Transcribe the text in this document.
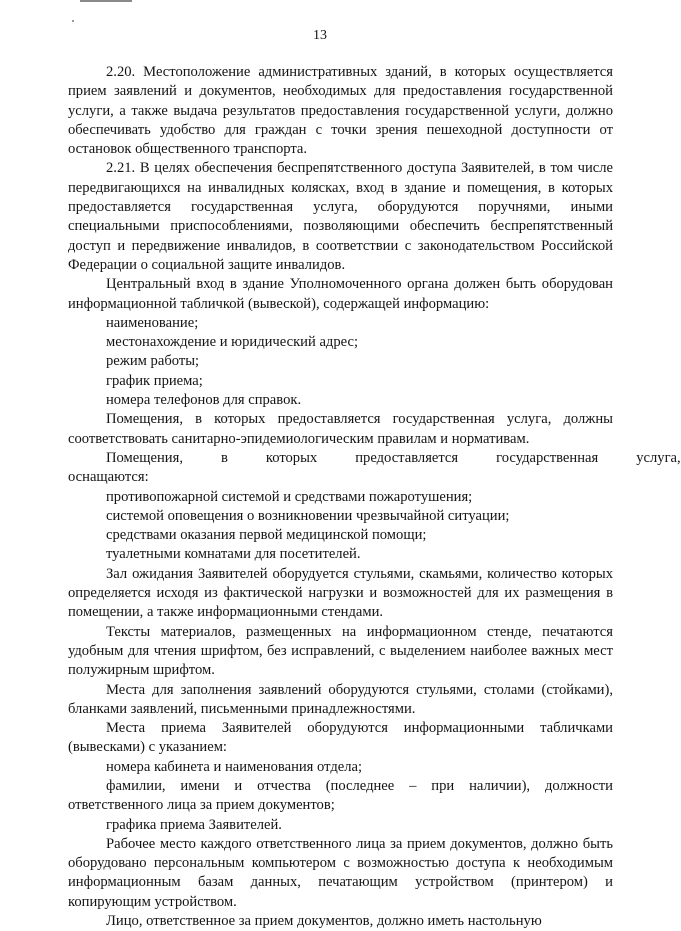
13

2.20. Местоположение административных зданий, в которых осуществляется прием заявлений и документов, необходимых для предоставления государственной услуги, а также выдача результатов предоставления государственной услуги, должно обеспечивать удобство для граждан с точки зрения пешеходной доступности от остановок общественного транспорта.

2.21. В целях обеспечения беспрепятственного доступа Заявителей, в том числе передвигающихся на инвалидных колясках, вход в здание и помещения, в которых предоставляется государственная услуга, оборудуются поручнями, иными специальными приспособлениями, позволяющими обеспечить беспрепятственный доступ и передвижение инвалидов, в соответствии с законодательством Российской Федерации о социальной защите инвалидов.

Центральный вход в здание Уполномоченного органа должен быть оборудован информационной табличкой (вывеской), содержащей информацию:

наименование;

местонахождение и юридический адрес;

режим работы;

график приема;

номера телефонов для справок.

Помещения, в которых предоставляется государственная услуга, должны соответствовать санитарно-эпидемиологическим правилам и нормативам.

Помещения,	в	которых	предоставляется	государственная	услуга,

оснащаются:

противопожарной системой и средствами пожаротушения;

системой оповещения о возникновении чрезвычайной ситуации;

средствами оказания первой медицинской помощи;

туалетными комнатами для посетителей.

Зал ожидания Заявителей оборудуется стульями, скамьями, количество которых определяется исходя из фактической нагрузки и возможностей для их размещения в помещении, а также информационными стендами.

Тексты материалов, размещенных на информационном стенде, печатаются удобным для чтения шрифтом, без исправлений, с выделением наиболее важных мест полужирным шрифтом.

Места для заполнения заявлений оборудуются стульями, столами (стойками), бланками заявлений, письменными принадлежностями.

Места приема Заявителей оборудуются информационными табличками (вывесками) с указанием:

номера кабинета и наименования отдела;

фамилии, имени и отчества (последнее – при наличии), должности ответственного лица за прием документов;

графика приема Заявителей.

Рабочее место каждого ответственного лица за прием документов, должно быть оборудовано персональным компьютером с возможностью доступа к необходимым информационным базам данных, печатающим устройством (принтером) и копирующим устройством.

Лицо, ответственное за прием документов, должно иметь настольную
